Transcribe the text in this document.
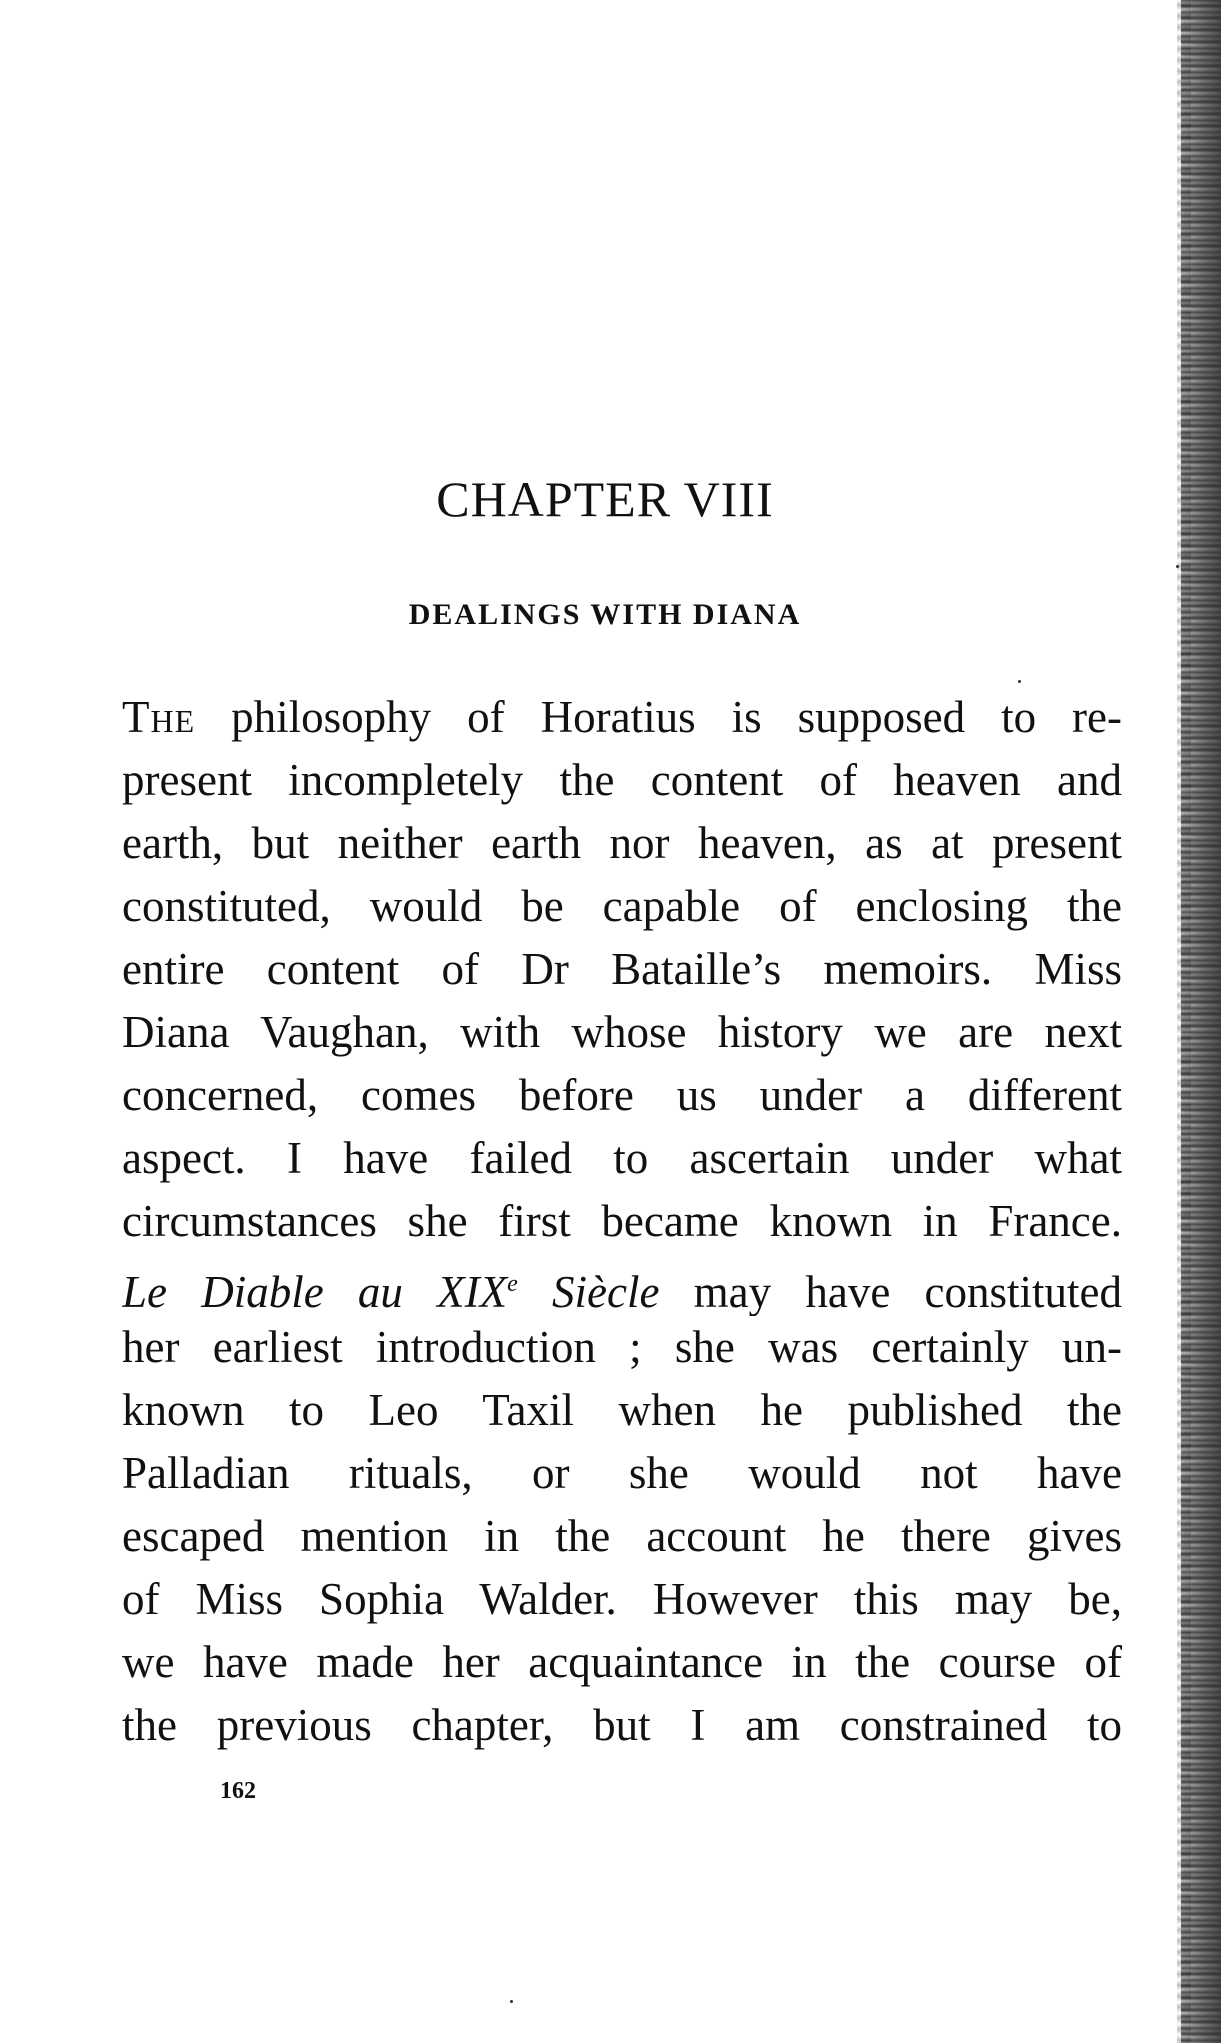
CHAPTER VIII
DEALINGS WITH DIANA
The philosophy of Horatius is supposed to re-
present incompletely the content of heaven and
earth, but neither earth nor heaven, as at present
constituted, would be capable of enclosing the
entire content of Dr Bataille’s memoirs. Miss
Diana Vaughan, with whose history we are next
concerned, comes before us under a different
aspect. I have failed to ascertain under what
circumstances she first became known in France.
Le Diable au XIXe Siècle may have constituted
her earliest introduction ; she was certainly un-
known to Leo Taxil when he published the
Palladian rituals, or she would not have
escaped mention in the account he there gives
of Miss Sophia Walder. However this may be,
we have made her acquaintance in the course of
the previous chapter, but I am constrained to
162
